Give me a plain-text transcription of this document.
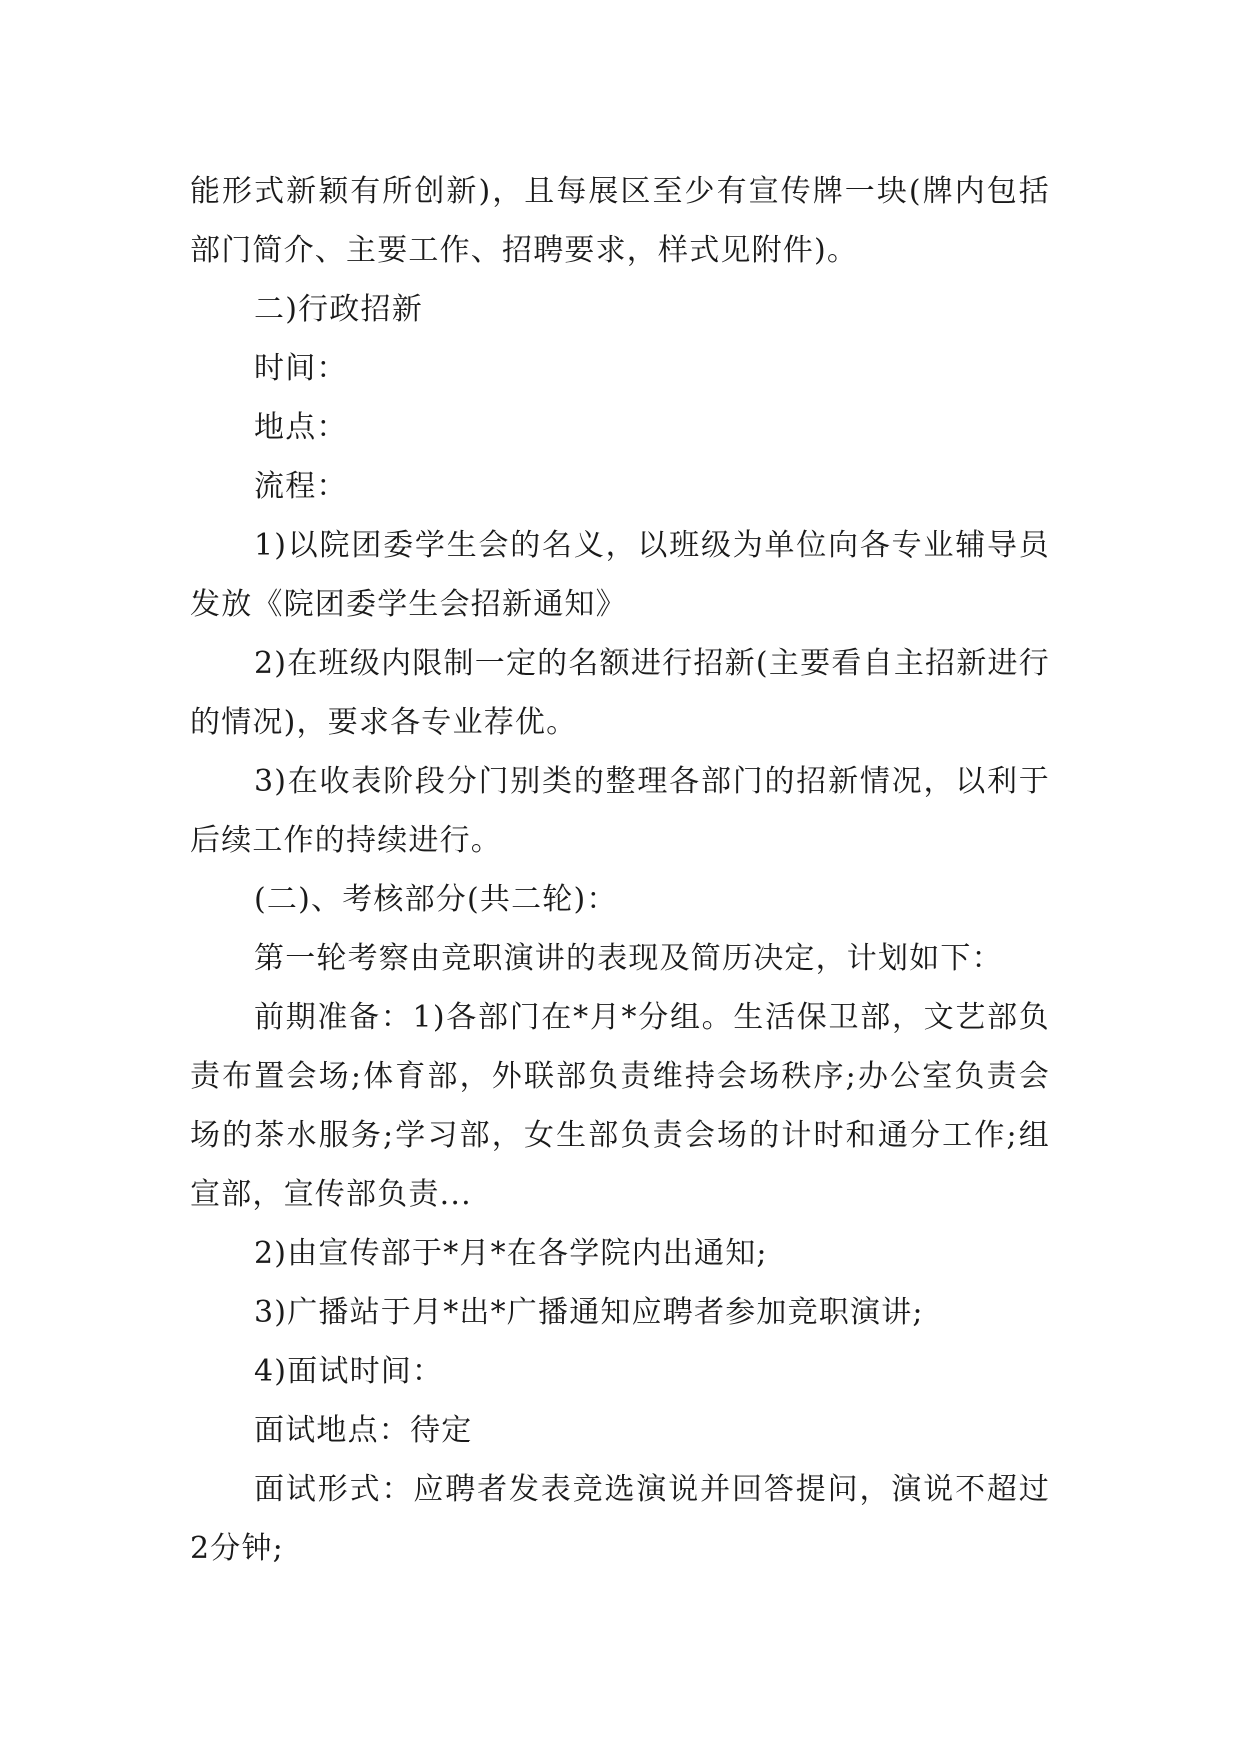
能形式新颖有所创新)，且每展区至少有宣传牌一块(牌内包括部门简介、主要工作、招聘要求，样式见附件)。

二)行政招新

时间：

地点：

流程：

1)以院团委学生会的名义，以班级为单位向各专业辅导员发放《院团委学生会招新通知》

2)在班级内限制一定的名额进行招新(主要看自主招新进行的情况)，要求各专业荐优。

3)在收表阶段分门别类的整理各部门的招新情况，以利于后续工作的持续进行。

(二)、考核部分(共二轮)：

第一轮考察由竞职演讲的表现及简历决定，计划如下：

前期准备：1)各部门在*月*分组。生活保卫部，文艺部负责布置会场;体育部，外联部负责维持会场秩序;办公室负责会场的茶水服务;学习部，女生部负责会场的计时和通分工作;组宣部，宣传部负责...

2)由宣传部于*月*在各学院内出通知;

3)广播站于月*出*广播通知应聘者参加竞职演讲;

4)面试时间：

面试地点：待定

面试形式：应聘者发表竞选演说并回答提问，演说不超过2分钟;
